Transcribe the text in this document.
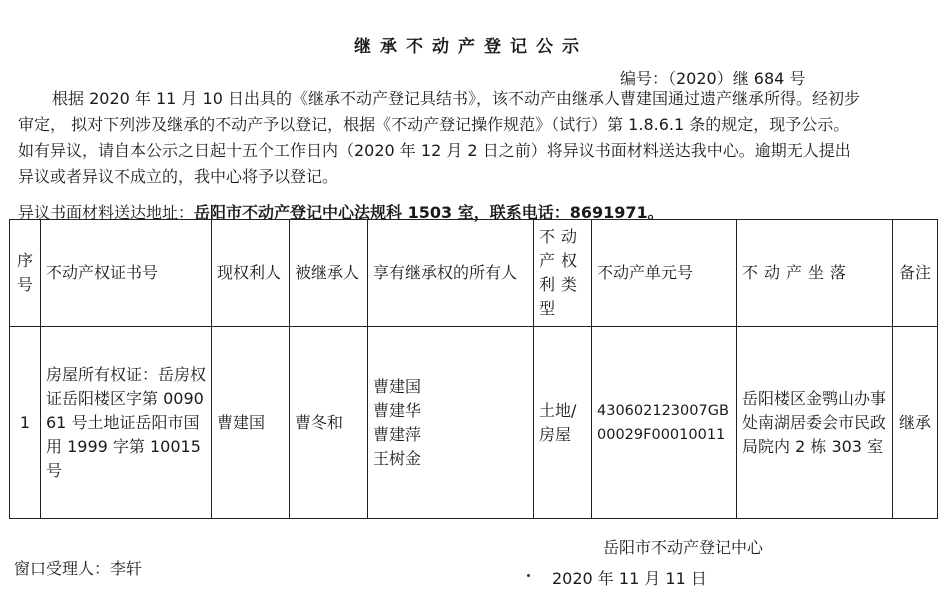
继承不动产登记公示
编号：（2020）继 684 号
根据 2020 年 11 月 10 日出具的《继承不动产登记具结书》，该不动产由继承人曹建国通过遗产继承所得。经初步
审定， 拟对下列涉及继承的不动产予以登记，根据《不动产登记操作规范》（试行）第 1.8.6.1 条的规定，现予公示。
如有异议，请自本公示之日起十五个工作日内（2020 年 12 月 2 日之前）将异议书面材料送达我中心。逾期无人提出
异议或者异议不成立的，我中心将予以登记。
异议书面材料送达地址：岳阳市不动产登记中心法规科 1503 室，联系电话：8691971。
序号	不动产权证书号	现权利人	被继承人	享有继承权的所有人	不动产权利类型	不动产单元号	不动产坐落	备注
1	房屋所有权证：岳房权证岳阳楼区字第 009061 号土地证岳阳市国用 1999 字第 10015 号	曹建国	曹冬和	曹建国
曹建华
曹建萍
王树金	土地/房屋	430602123007GB00029F00010011	岳阳楼区金鹗山办事处南湖居委会市民政局院内 2 栋 303 室	继承
岳阳市不动产登记中心
窗口受理人：李轩
2020 年 11 月 11 日
